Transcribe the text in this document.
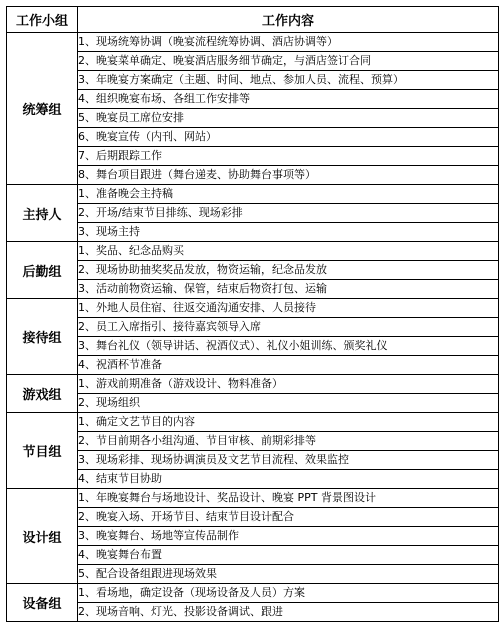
工作小组	工作内容
统筹组	1、现场统筹协调（晚宴流程统筹协调、酒店协调等）
	2、晚宴菜单确定、晚宴酒店服务细节确定，与酒店签订合同
	3、年晚宴方案确定（主题、时间、地点、参加人员、流程、预算）
	4、组织晚宴布场、各组工作安排等
	5、晚宴员工席位安排
	6、晚宴宣传（内刊、网站）
	7、后期跟踪工作
	8、舞台项目跟进（舞台递麦、协助舞台事项等）
主持人	1、准备晚会主持稿
	2、开场/结束节目排练、现场彩排
	3、现场主持
后勤组	1、奖品、纪念品购买
	2、现场协助抽奖奖品发放，物资运输，纪念品发放
	3、活动前物资运输、保管，结束后物资打包、运输
接待组	1、外地人员住宿、往返交通沟通安排、人员接待
	2、员工入席指引、接待嘉宾领导入席
	3、舞台礼仪（领导讲话、祝酒仪式）、礼仪小姐训练、颁奖礼仪
	4、祝酒杯节准备
游戏组	1、游戏前期准备（游戏设计、物料准备）
	2、现场组织
节目组	1、确定文艺节目的内容
	2、节目前期各小组沟通、节目审核、前期彩排等
	3、现场彩排、现场协调演员及文艺节目流程、效果监控
	4、结束节目协助
设计组	1、年晚宴舞台与场地设计、奖品设计、晚宴 PPT 背景图设计
	2、晚宴入场、开场节目、结束节目设计配合
	3、晚宴舞台、场地等宣传品制作
	4、晚宴舞台布置
	5、配合设备组跟进现场效果
设备组	1、看场地，确定设备（现场设备及人员）方案
	2、现场音响、灯光、投影设备调试、跟进
